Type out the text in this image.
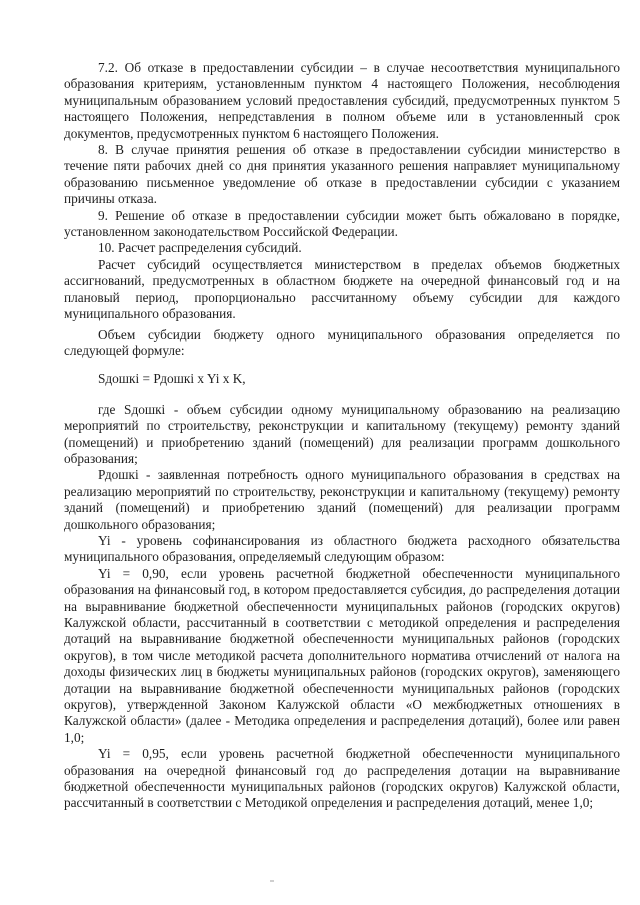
7.2. Об отказе в предоставлении субсидии – в случае несоответствия муниципального образования критериям, установленным пунктом 4 настоящего Положения, несоблюдения муниципальным образованием условий предоставления субсидий, предусмотренных пунктом 5 настоящего Положения, непредставления в полном объеме или в установленный срок документов, предусмотренных пунктом 6 настоящего Положения.

8. В случае принятия решения об отказе в предоставлении субсидии министерство в течение пяти рабочих дней со дня принятия указанного решения направляет муниципальному образованию письменное уведомление об отказе в предоставлении субсидии с указанием причины отказа.

9. Решение об отказе в предоставлении субсидии может быть обжаловано в порядке, установленном законодательством Российской Федерации.

10. Расчет распределения субсидий.

Расчет субсидий осуществляется министерством в пределах объемов бюджетных ассигнований, предусмотренных в областном бюджете на очередной финансовый год и на плановый период, пропорционально рассчитанному объему субсидии для каждого муниципального образования.

Объем субсидии бюджету одного муниципального образования определяется по следующей формуле:

Sдошкi = Рдошкi x Yi x K,

где Sдошкi - объем субсидии одному муниципальному образованию на реализацию мероприятий по строительству, реконструкции и капитальному (текущему) ремонту зданий (помещений) и приобретению зданий (помещений) для реализации программ дошкольного образования;

Рдошкi - заявленная потребность одного муниципального образования в средствах на реализацию мероприятий по строительству, реконструкции и капитальному (текущему) ремонту зданий (помещений) и приобретению зданий (помещений) для реализации программ дошкольного образования;

Yi - уровень софинансирования из областного бюджета расходного обязательства муниципального образования, определяемый следующим образом:

Yi = 0,90, если уровень расчетной бюджетной обеспеченности муниципального образования на финансовый год, в котором предоставляется субсидия, до распределения дотации на выравнивание бюджетной обеспеченности муниципальных районов (городских округов) Калужской области, рассчитанный в соответствии с методикой определения и распределения дотаций на выравнивание бюджетной обеспеченности муниципальных районов (городских округов), в том числе методикой расчета дополнительного норматива отчислений от налога на доходы физических лиц в бюджеты муниципальных районов (городских округов), заменяющего дотации на выравнивание бюджетной обеспеченности муниципальных районов (городских округов), утвержденной Законом Калужской области «О межбюджетных отношениях в Калужской области» (далее - Методика определения и распределения дотаций), более или равен 1,0;

Yi = 0,95, если уровень расчетной бюджетной обеспеченности муниципального образования на очередной финансовый год до распределения дотации на выравнивание бюджетной обеспеченности муниципальных районов (городских округов) Калужской области, рассчитанный в соответствии с Методикой определения и распределения дотаций, менее 1,0;
